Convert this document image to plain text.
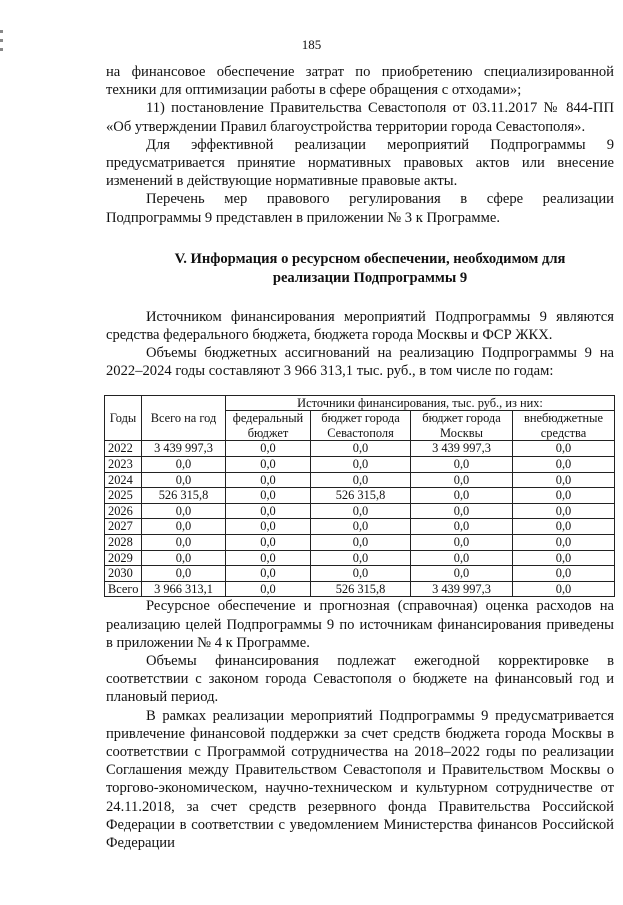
185

на финансовое обеспечение затрат по приобретению специализированной техники для оптимизации работы в сфере обращения с отходами»;

11) постановление Правительства Севастополя от 03.11.2017 № 844-ПП «Об утверждении Правил благоустройства территории города Севастополя».

Для эффективной реализации мероприятий Подпрограммы 9 предусматривается принятие нормативных правовых актов или внесение изменений в действующие нормативные правовые акты.

Перечень мер правового регулирования в сфере реализации Подпрограммы 9 представлен в приложении № 3 к Программе.

V. Информация о ресурсном обеспечении, необходимом для
реализации Подпрограммы 9

Источником финансирования мероприятий Подпрограммы 9 являются средства федерального бюджета, бюджета города Москвы и ФСР ЖКХ.

Объемы бюджетных ассигнований на реализацию Подпрограммы 9 на 2022–2024 годы составляют 3 966 313,1 тыс. руб., в том числе по годам:

Годы	Всего на год	Источники финансирования, тыс. руб., из них:			
		федеральный бюджет	бюджет города Севастополя	бюджет города Москвы	внебюджетные средства
2022	3 439 997,3	0,0	0,0	3 439 997,3	0,0
2023	0,0	0,0	0,0	0,0	0,0
2024	0,0	0,0	0,0	0,0	0,0
2025	526 315,8	0,0	526 315,8	0,0	0,0
2026	0,0	0,0	0,0	0,0	0,0
2027	0,0	0,0	0,0	0,0	0,0
2028	0,0	0,0	0,0	0,0	0,0
2029	0,0	0,0	0,0	0,0	0,0
2030	0,0	0,0	0,0	0,0	0,0
Всего	3 966 313,1	0,0	526 315,8	3 439 997,3	0,0

Ресурсное обеспечение и прогнозная (справочная) оценка расходов на реализацию целей Подпрограммы 9 по источникам финансирования приведены в приложении № 4 к Программе.

Объемы финансирования подлежат ежегодной корректировке в соответствии с законом города Севастополя о бюджете на финансовый год и плановый период.

В рамках реализации мероприятий Подпрограммы 9 предусматривается привлечение финансовой поддержки за счет средств бюджета города Москвы в соответствии с Программой сотрудничества на 2018–2022 годы по реализации Соглашения между Правительством Севастополя и Правительством Москвы о торгово-экономическом, научно-техническом и культурном сотрудничестве от 24.11.2018, за счет средств резервного фонда Правительства Российской Федерации в соответствии с уведомлением Министерства финансов Российской Федерации
